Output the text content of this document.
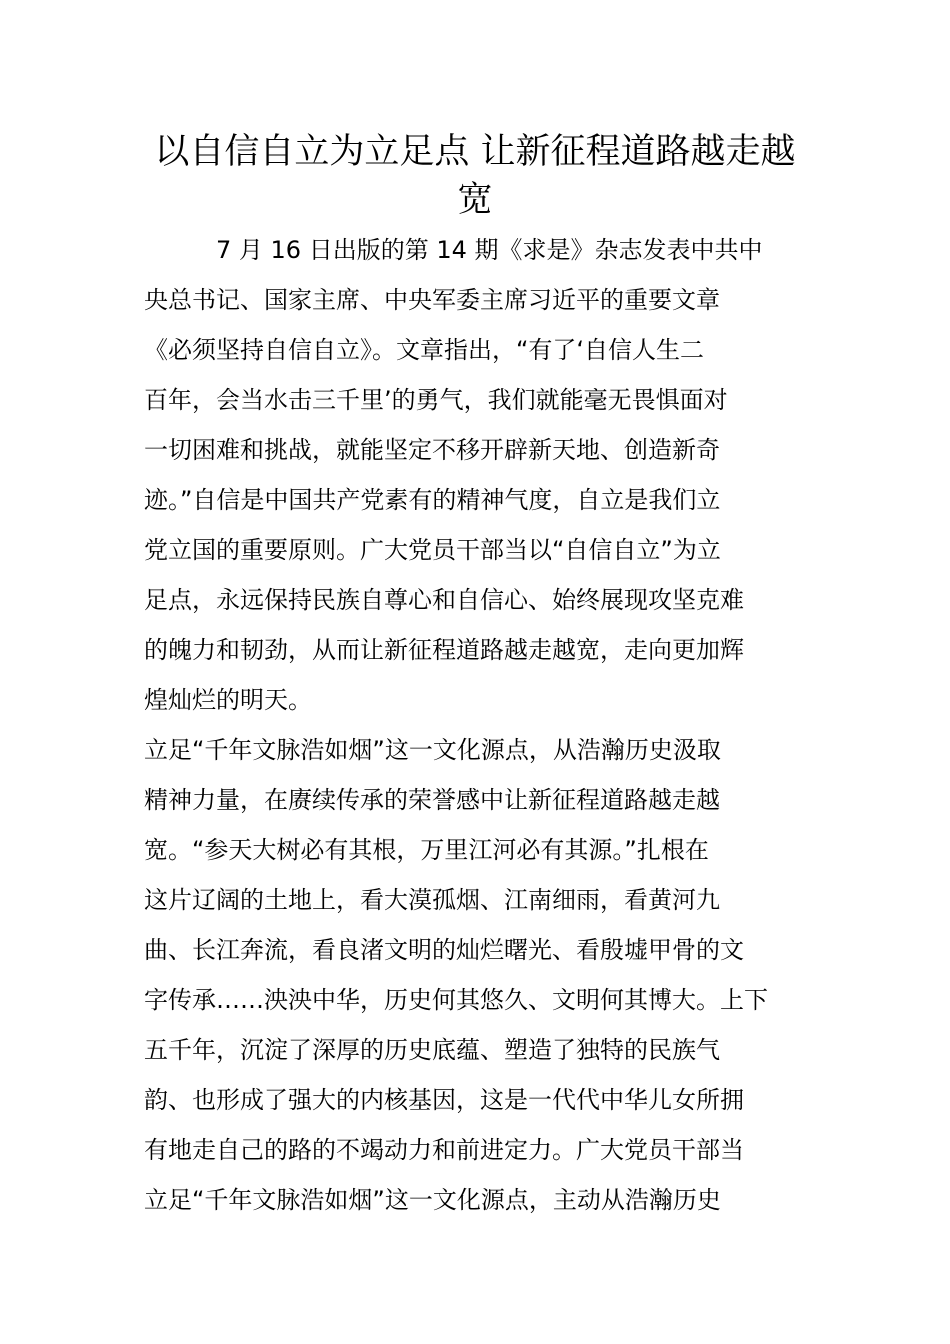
以自信自立为立足点 让新征程道路越走越
宽
　　　7 月 16 日出版的第 14 期《求是》杂志发表中共中
央总书记、国家主席、中央军委主席习近平的重要文章
《必须坚持自信自立》。文章指出，“有了‘自信人生二
百年，会当水击三千里’的勇气，我们就能毫无畏惧面对
一切困难和挑战，就能坚定不移开辟新天地、创造新奇
迹。”自信是中国共产党素有的精神气度，自立是我们立
党立国的重要原则。广大党员干部当以“自信自立”为立
足点，永远保持民族自尊心和自信心、始终展现攻坚克难
的魄力和韧劲，从而让新征程道路越走越宽，走向更加辉
煌灿烂的明天。
立足“千年文脉浩如烟”这一文化源点，从浩瀚历史汲取
精神力量，在赓续传承的荣誉感中让新征程道路越走越
宽。“参天大树必有其根，万里江河必有其源。”扎根在
这片辽阔的土地上，看大漠孤烟、江南细雨，看黄河九
曲、长江奔流，看良渚文明的灿烂曙光、看殷墟甲骨的文
字传承……泱泱中华，历史何其悠久、文明何其博大。上下
五千年，沉淀了深厚的历史底蕴、塑造了独特的民族气
韵、也形成了强大的内核基因，这是一代代中华儿女所拥
有地走自己的路的不竭动力和前进定力。广大党员干部当
立足“千年文脉浩如烟”这一文化源点，主动从浩瀚历史
